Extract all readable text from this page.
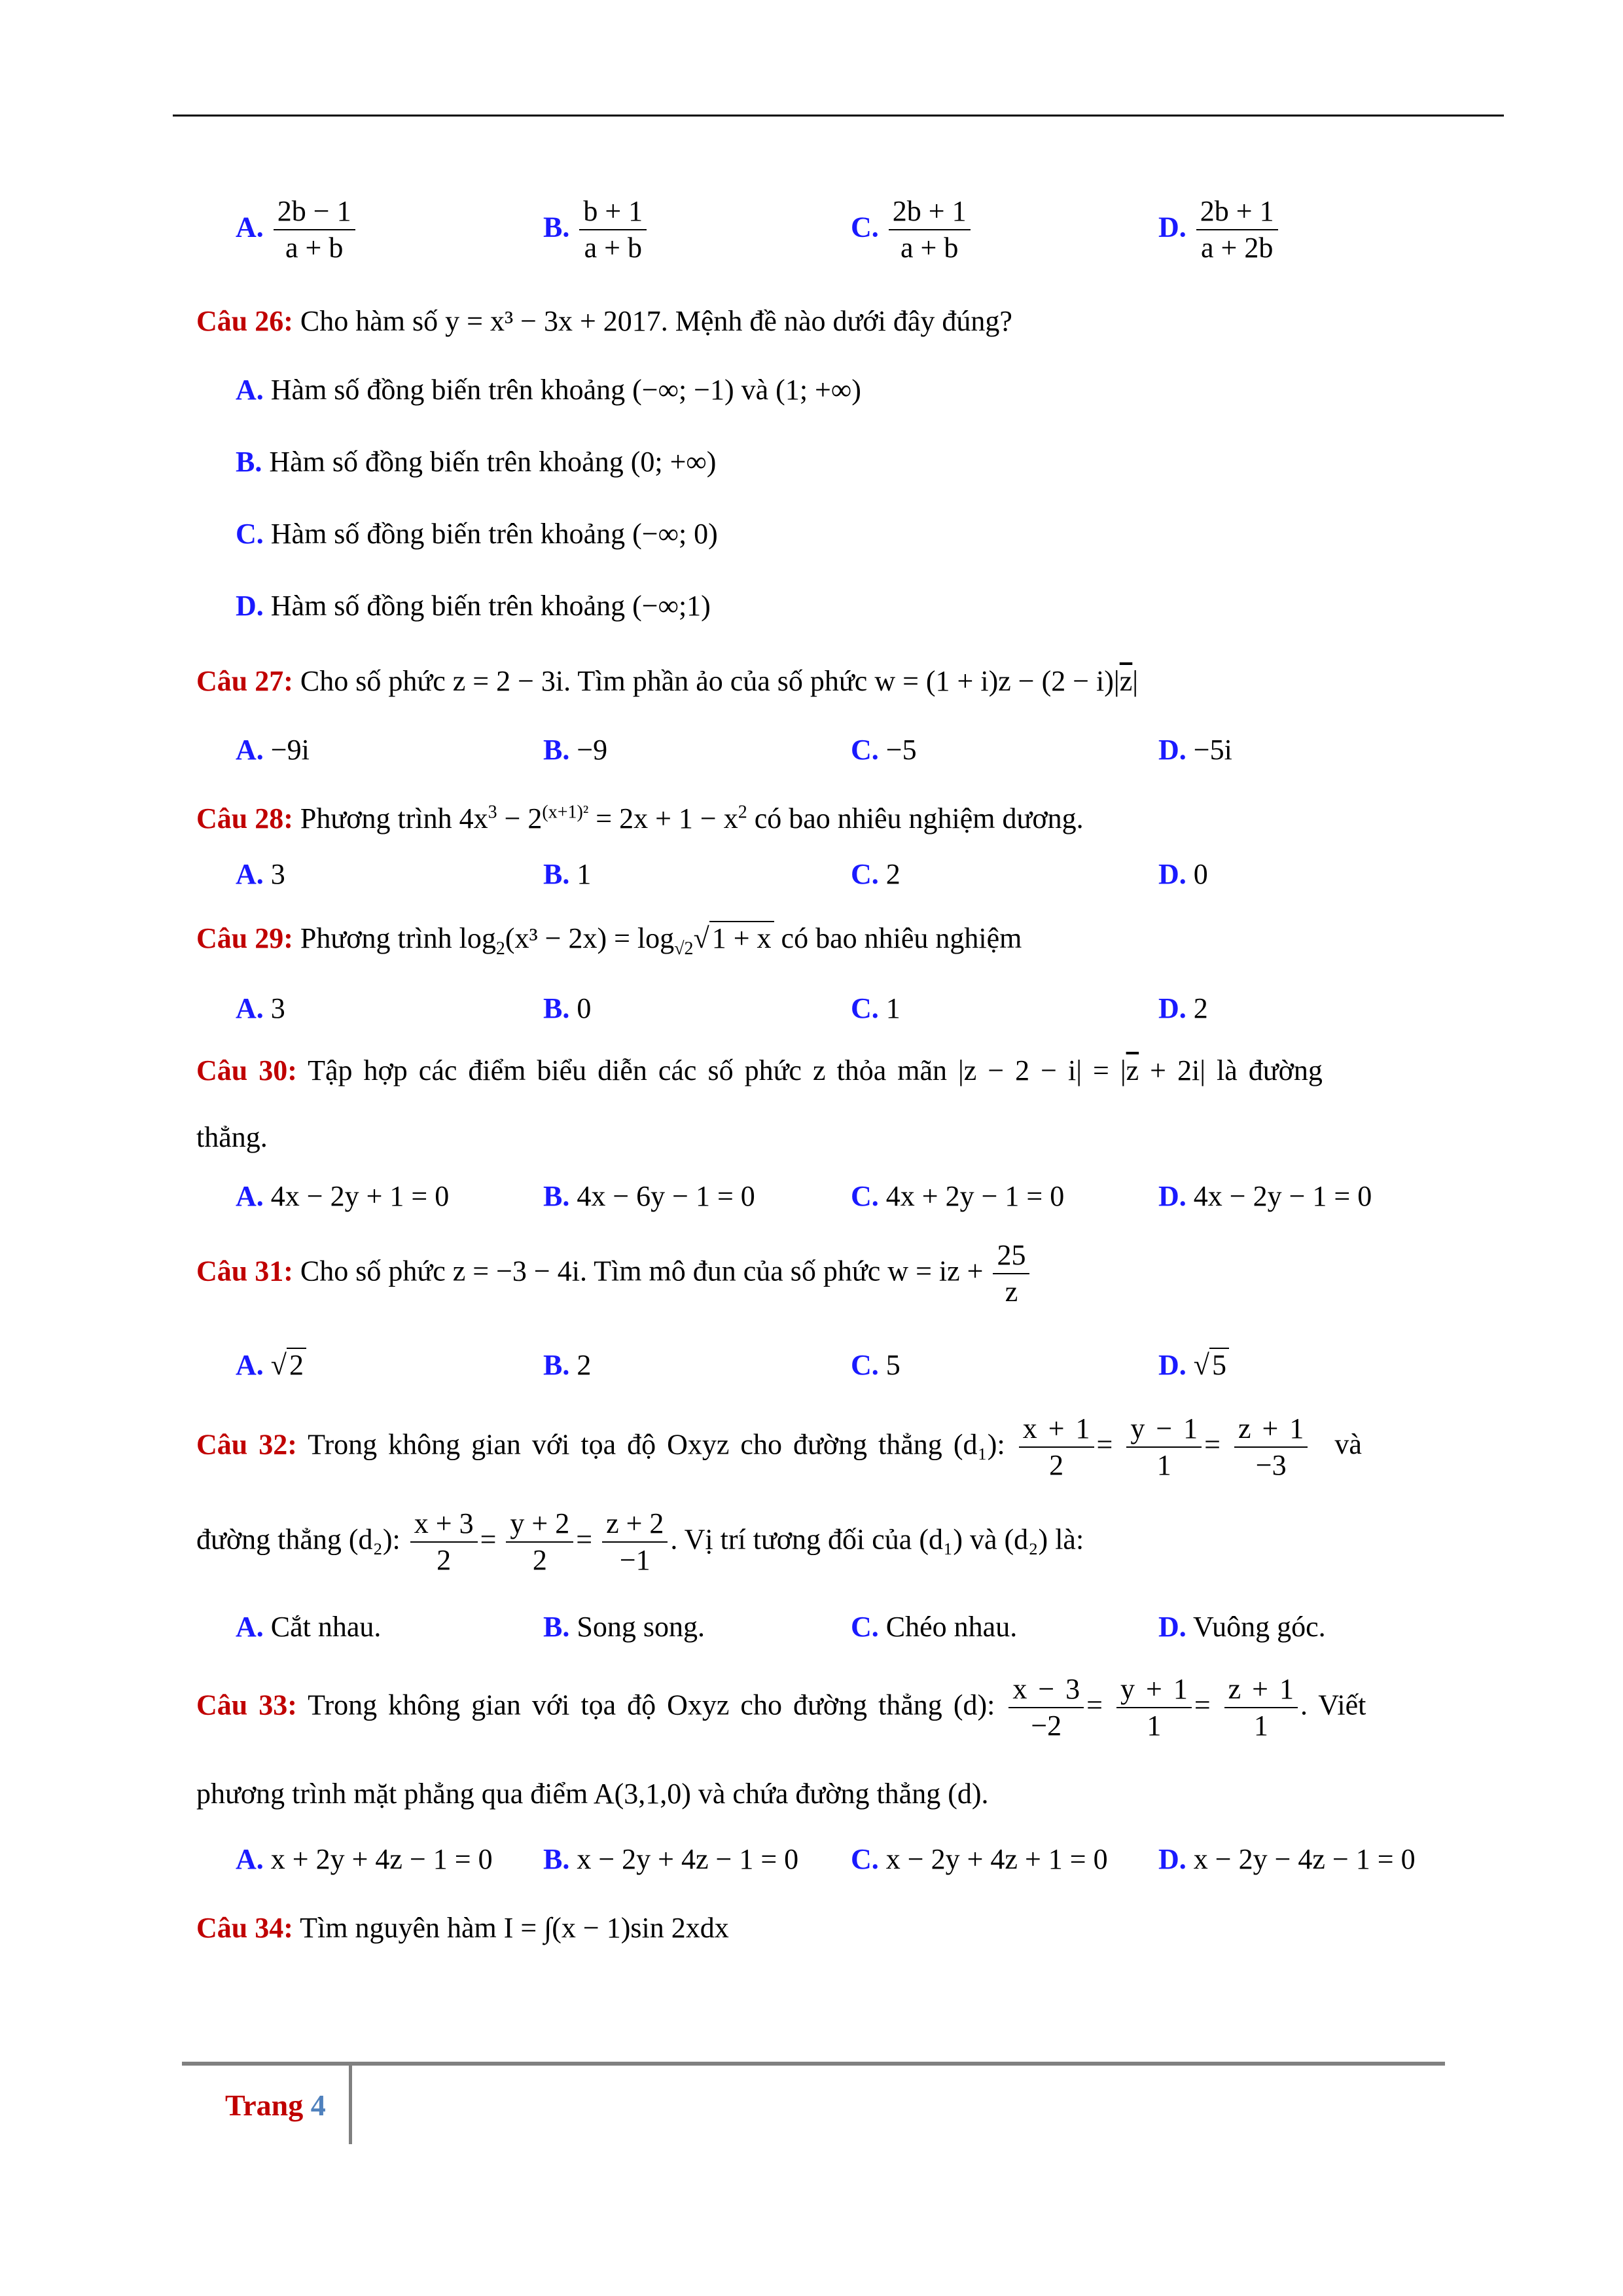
A. $\frac{2b - 1}{a + b}$	B. $\frac{b + 1}{a + b}$	C. $\frac{2b + 1}{a + b}$	D. $\frac{2b + 1}{a + 2b}$
Câu 26: Cho hàm số y = x³ − 3x + 2017. Mệnh đề nào dưới đây đúng?
A. Hàm số đồng biến trên khoảng (−∞; −1) và (1; +∞)
B. Hàm số đồng biến trên khoảng (0; +∞)
C. Hàm số đồng biến trên khoảng (−∞; 0)
D. Hàm số đồng biến trên khoảng (−∞;1)
Câu 27: Cho số phức z = 2 − 3i. Tìm phần ảo của số phức $w = (1 + i)z - (2 - i)|\overline{z}|$
A. −9i	B. −9	C. −5	D. −5i
Câu 28: Phương trình $4x^3 - 2^{(x+1)^2} = 2x + 1 - x^2$ có bao nhiêu nghiệm dương.
A. 3	B. 1	C. 2	D. 0
Câu 29: Phương trình $\log_2(x^3 - 2x) = \log_{√2}√1 + x$ có bao nhiêu nghiệm
A. 3	B. 0	C. 1	D. 2
Câu 30: Tập hợp các điểm biểu diễn các số phức z thỏa mãn $|z - 2 - i| = |\overline{z} + 2i|$ là đường
thẳng.
A. 4x − 2y + 1 = 0	B. 4x − 6y − 1 = 0	C. 4x + 2y − 1 = 0	D. 4x − 2y − 1 = 0
Câu 31: Cho số phức z = −3 − 4i. Tìm mô đun của số phức w = iz + $\frac{25}{z}$
A. √2	B. 2	C. 5	D. √5
Câu 32: Trong không gian với tọa độ Oxyz cho đường thẳng (d₁): $\frac{x + 1}{2} = \frac{y - 1}{1} = \frac{z + 1}{-3}$ và
đường thẳng (d₂): $\frac{x + 3}{2} = \frac{y + 2}{2} = \frac{z + 2}{-1}$ . Vị trí tương đối của (d₁) và (d₂) là:
A. Cắt nhau.	B. Song song.	C. Chéo nhau.	D. Vuông góc.
Câu 33: Trong không gian với tọa độ Oxyz cho đường thẳng (d): $\frac{x - 3}{-2} = \frac{y + 1}{1} = \frac{z + 1}{1}$ . Viết
phương trình mặt phẳng qua điểm A(3,1,0) và chứa đường thẳng (d).
A. x + 2y + 4z − 1 = 0 B. x − 2y + 4z − 1 = 0 C. x − 2y + 4z + 1 = 0 D. x − 2y − 4z − 1 = 0
Câu 34: Tìm nguyên hàm I = ∫(x − 1)sin 2xdx
Trang 4
